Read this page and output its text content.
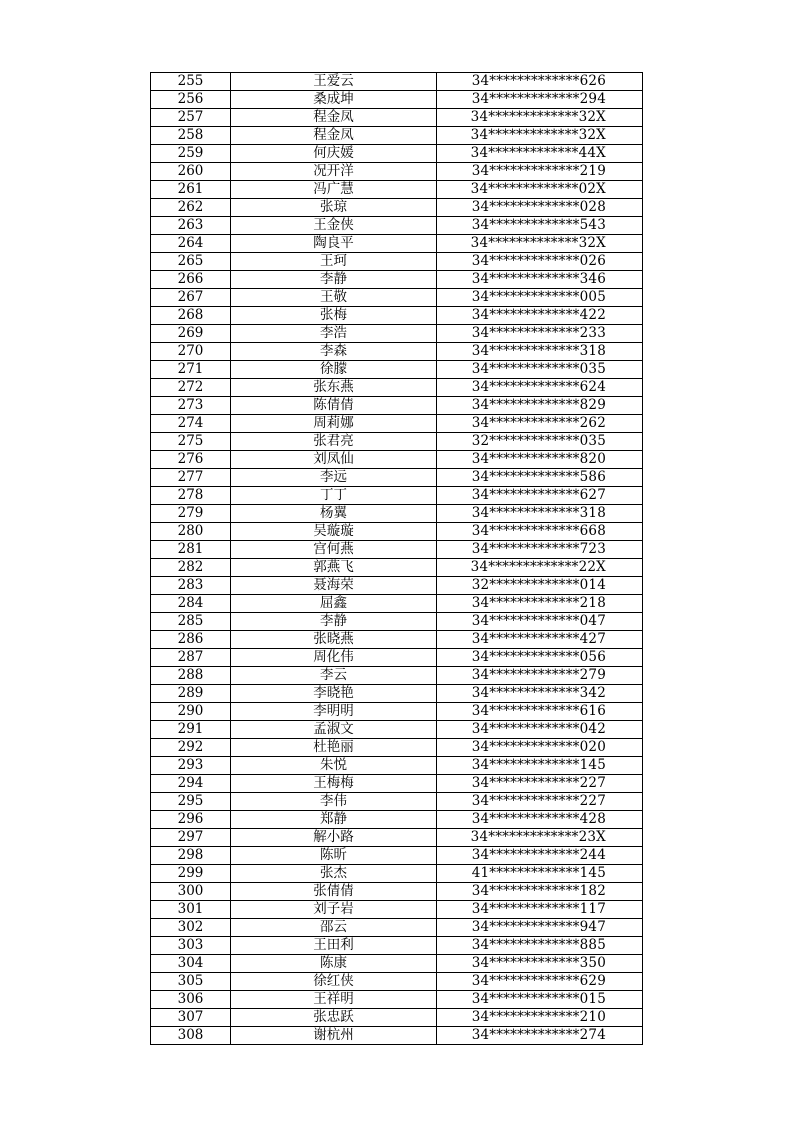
255	王爱云	34*************626
256	桑成坤	34*************294
257	程金凤	34*************32X
258	程金凤	34*************32X
259	何庆媛	34*************44X
260	况开洋	34*************219
261	冯广慧	34*************02X
262	张琼	34*************028
263	王金侠	34*************543
264	陶良平	34*************32X
265	王珂	34*************026
266	李静	34*************346
267	王敬	34*************005
268	张梅	34*************422
269	李浩	34*************233
270	李森	34*************318
271	徐朦	34*************035
272	张东燕	34*************624
273	陈倩倩	34*************829
274	周莉娜	34*************262
275	张君亮	32*************035
276	刘凤仙	34*************820
277	李远	34*************586
278	丁丁	34*************627
279	杨翼	34*************318
280	吴璇璇	34*************668
281	宫何燕	34*************723
282	郭燕飞	34*************22X
283	聂海荣	32*************014
284	屈鑫	34*************218
285	李静	34*************047
286	张晓燕	34*************427
287	周化伟	34*************056
288	李云	34*************279
289	李晓艳	34*************342
290	李明明	34*************616
291	孟淑文	34*************042
292	杜艳丽	34*************020
293	朱悦	34*************145
294	王梅梅	34*************227
295	李伟	34*************227
296	郑静	34*************428
297	解小路	34*************23X
298	陈昕	34*************244
299	张杰	41*************145
300	张倩倩	34*************182
301	刘子岩	34*************117
302	邵云	34*************947
303	王田利	34*************885
304	陈康	34*************350
305	徐红侠	34*************629
306	王祥明	34*************015
307	张忠跃	34*************210
308	谢杭州	34*************274
